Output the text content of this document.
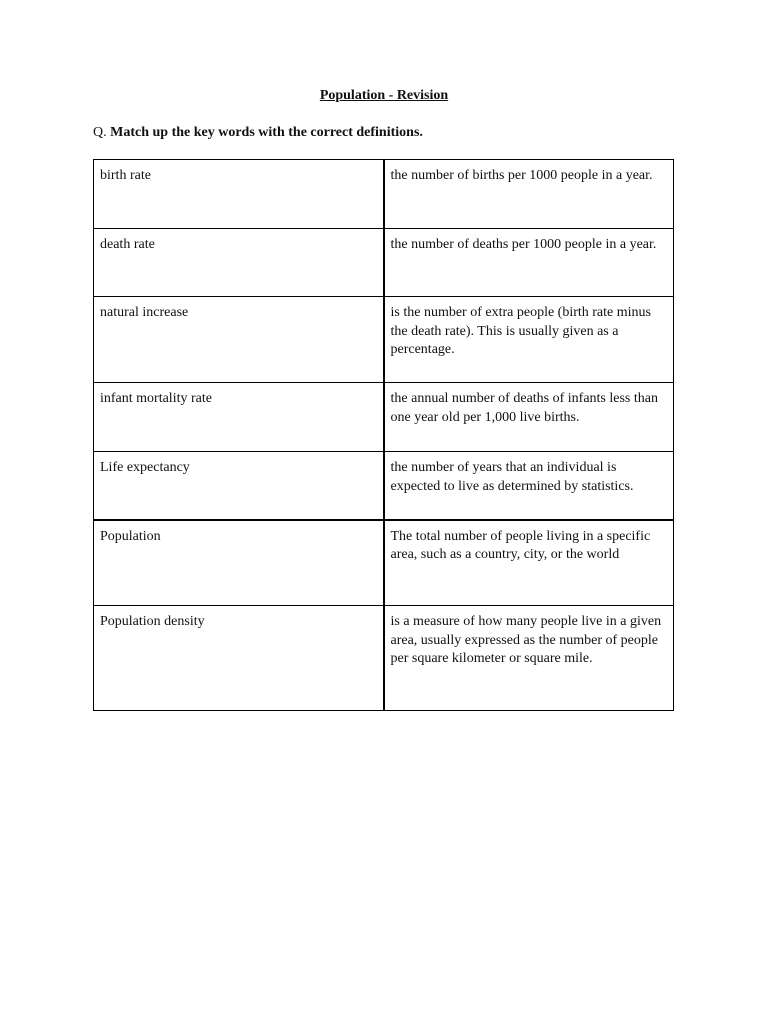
Population - Revision

Q. Match up the key words with the correct definitions.

birth rate	the number of births per 1000 people in a year.
death rate	the number of deaths per 1000 people in a year.
natural increase	is the number of extra people (birth rate minus the death rate). This is usually given as a percentage.
infant mortality rate	the annual number of deaths of infants less than one year old per 1,000 live births.
Life expectancy	the number of years that an individual is expected to live as determined by statistics.
Population	The total number of people living in a specific area, such as a country, city, or the world
Population density	is a measure of how many people live in a given area, usually expressed as the number of people per square kilometer or square mile.
